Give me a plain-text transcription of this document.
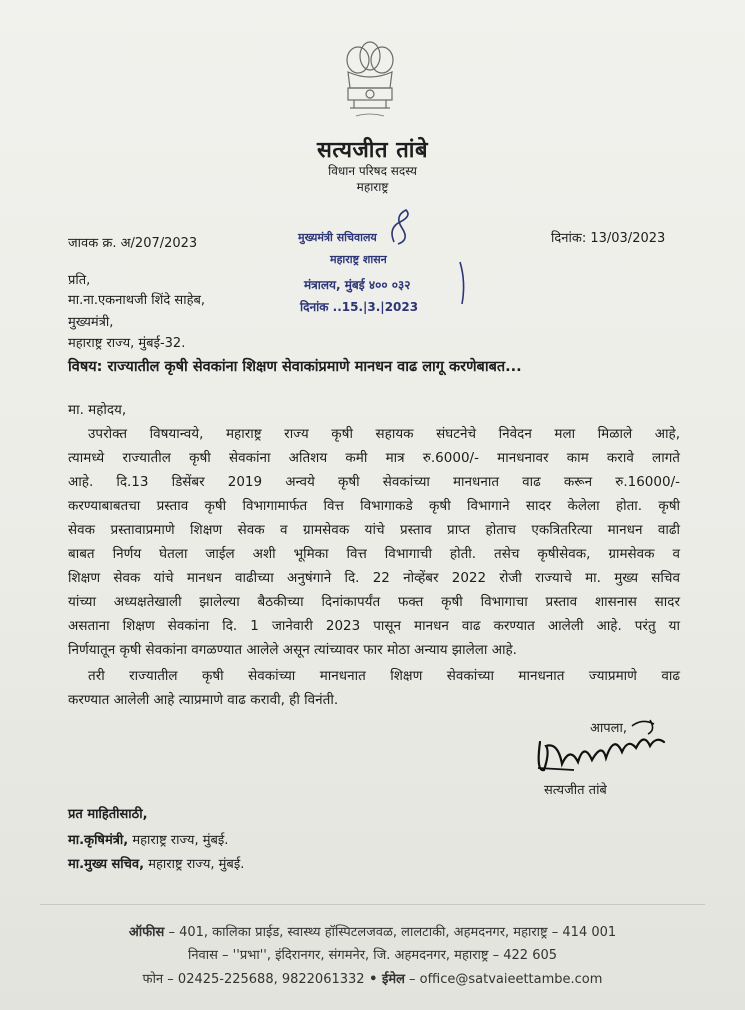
सत्यजीत तांबे
विधान परिषद सदस्य
महाराष्ट्र
जावक क्र. अ/207/2023	दिनांक: 13/03/2023
मुख्यमंत्री सचिवालय
महाराष्ट्र शासन
मंत्रालय, मुंबई ४०० ०३२
दिनांक ..15.|3.|2023
प्रति,
मा.ना.एकनाथजी शिंदे साहेब,
मुख्यमंत्री,
महाराष्ट्र राज्य, मुंबई-32.
विषय: राज्यातील कृषी सेवकांना शिक्षण सेवाकांप्रमाणे मानधन वाढ लागू करणेबाबत...
मा. महोदय,
उपरोक्त विषयान्वये, महाराष्ट्र राज्य कृषी सहायक संघटनेचे निवेदन मला मिळाले आहे,
त्यामध्ये राज्यातील कृषी सेवकांना अतिशय कमी मात्र रु.6000/- मानधनावर काम करावे लागते
आहे. दि.13 डिसेंबर 2019 अन्वये कृषी सेवकांच्या मानधनात वाढ करून रु.16000/-
करण्याबाबतचा प्रस्ताव कृषी विभागामार्फत वित्त विभागाकडे कृषी विभागाने सादर केलेला होता. कृषी
सेवक प्रस्तावाप्रमाणे शिक्षण सेवक व ग्रामसेवक यांचे प्रस्ताव प्राप्त होताच एकत्रितरित्या मानधन वाढी
बाबत निर्णय घेतला जाईल अशी भूमिका वित्त विभागाची होती. तसेच कृषीसेवक, ग्रामसेवक व
शिक्षण सेवक यांचे मानधन वाढीच्या अनुषंगाने दि. 22 नोव्हेंबर 2022 रोजी राज्याचे मा. मुख्य सचिव
यांच्या अध्यक्षतेखाली झालेल्या बैठकीच्या दिनांकापर्यंत फक्त कृषी विभागाचा प्रस्ताव शासनास सादर
असताना शिक्षण सेवकांना दि. 1 जानेवारी 2023 पासून मानधन वाढ करण्यात आलेली आहे. परंतु या
निर्णयातून कृषी सेवकांना वगळण्यात आलेले असून त्यांच्यावर फार मोठा अन्याय झालेला आहे.
तरी राज्यातील कृषी सेवकांच्या मानधनात शिक्षण सेवकांच्या मानधनात ज्याप्रमाणे वाढ
करण्यात आलेली आहे त्याप्रमाणे वाढ करावी, ही विनंती.
आपला,
सत्यजीत तांबे
प्रत माहितीसाठी,
मा.कृषिमंत्री, महाराष्ट्र राज्य, मुंबई.
मा.मुख्य सचिव, महाराष्ट्र राज्य, मुंबई.
ऑफीस – 401, कालिका प्राईड, स्वास्थ्य हॉस्पिटलजवळ, लालटाकी, अहमदनगर, महाराष्ट्र – 414 001
निवास – ''प्रभा'', इंदिरानगर, संगमनेर, जि. अहमदनगर, महाराष्ट्र – 422 605
फोन – 02425-225688, 9822061332 • ईमेल – office@satvaieettambe.com
